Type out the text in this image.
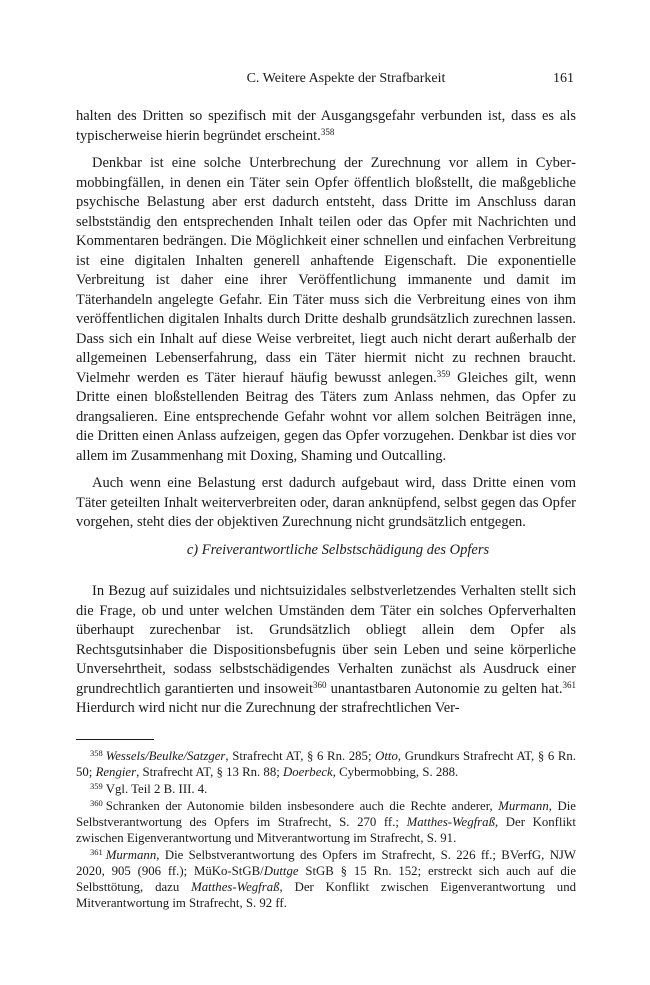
C. Weitere Aspekte der Strafbarkeit	161

halten des Dritten so spezifisch mit der Ausgangsgefahr verbunden ist, dass es als typischerweise hierin begründet erscheint.$^{358}$

Denkbar ist eine solche Unterbrechung der Zurechnung vor allem in Cybermobbingfällen, in denen ein Täter sein Opfer öffentlich bloßstellt, die maßgebliche psychische Belastung aber erst dadurch entsteht, dass Dritte im Anschluss daran selbstständig den entsprechenden Inhalt teilen oder das Opfer mit Nachrichten und Kommentaren bedrängen. Die Möglichkeit einer schnellen und einfachen Verbreitung ist eine digitalen Inhalten generell anhaftende Eigenschaft. Die exponentielle Verbreitung ist daher eine ihrer Veröffentlichung immanente und damit im Täterhandeln angelegte Gefahr. Ein Täter muss sich die Verbreitung eines von ihm veröffentlichen digitalen Inhalts durch Dritte deshalb grundsätzlich zurechnen lassen. Dass sich ein Inhalt auf diese Weise verbreitet, liegt auch nicht derart außerhalb der allgemeinen Lebenserfahrung, dass ein Täter hiermit nicht zu rechnen braucht. Vielmehr werden es Täter hierauf häufig bewusst anlegen.$^{359}$ Gleiches gilt, wenn Dritte einen bloßstellenden Beitrag des Täters zum Anlass nehmen, das Opfer zu drangsalieren. Eine entsprechende Gefahr wohnt vor allem solchen Beiträgen inne, die Dritten einen Anlass aufzeigen, gegen das Opfer vorzugehen. Denkbar ist dies vor allem im Zusammenhang mit Doxing, Shaming und Outcalling.

Auch wenn eine Belastung erst dadurch aufgebaut wird, dass Dritte einen vom Täter geteilten Inhalt weiterverbreiten oder, daran anknüpfend, selbst gegen das Opfer vorgehen, steht dies der objektiven Zurechnung nicht grundsätzlich entgegen.

c) Freiverantwortliche Selbstschädigung des Opfers

In Bezug auf suizidales und nichtsuizidales selbstverletzendes Verhalten stellt sich die Frage, ob und unter welchen Umständen dem Täter ein solches Opferverhalten überhaupt zurechenbar ist. Grundsätzlich obliegt allein dem Opfer als Rechtsgutsinhaber die Dispositionsbefugnis über sein Leben und seine körperliche Unversehrtheit, sodass selbstschädigendes Verhalten zunächst als Ausdruck einer grundrechtlich garantierten und insoweit$^{360}$ unantastbaren Autonomie zu gelten hat.$^{361}$ Hierdurch wird nicht nur die Zurechnung der strafrechtlichen Ver-

$^{358}$ Wessels/Beulke/Satzger, Strafrecht AT, § 6 Rn. 285; Otto, Grundkurs Strafrecht AT, § 6 Rn. 50; Rengier, Strafrecht AT, § 13 Rn. 88; Doerbeck, Cybermobbing, S. 288.

$^{359}$ Vgl. Teil 2 B. III. 4.

$^{360}$ Schranken der Autonomie bilden insbesondere auch die Rechte anderer, Murmann, Die Selbstverantwortung des Opfers im Strafrecht, S. 270 ff.; Matthes-Wegfraß, Der Konflikt zwischen Eigenverantwortung und Mitverantwortung im Strafrecht, S. 91.

$^{361}$ Murmann, Die Selbstverantwortung des Opfers im Strafrecht, S. 226 ff.; BVerfG, NJW 2020, 905 (906 ff.); MüKo-StGB/Duttge StGB § 15 Rn. 152; erstreckt sich auch auf die Selbsttötung, dazu Matthes-Wegfraß, Der Konflikt zwischen Eigenverantwortung und Mitverantwortung im Strafrecht, S. 92 ff.
